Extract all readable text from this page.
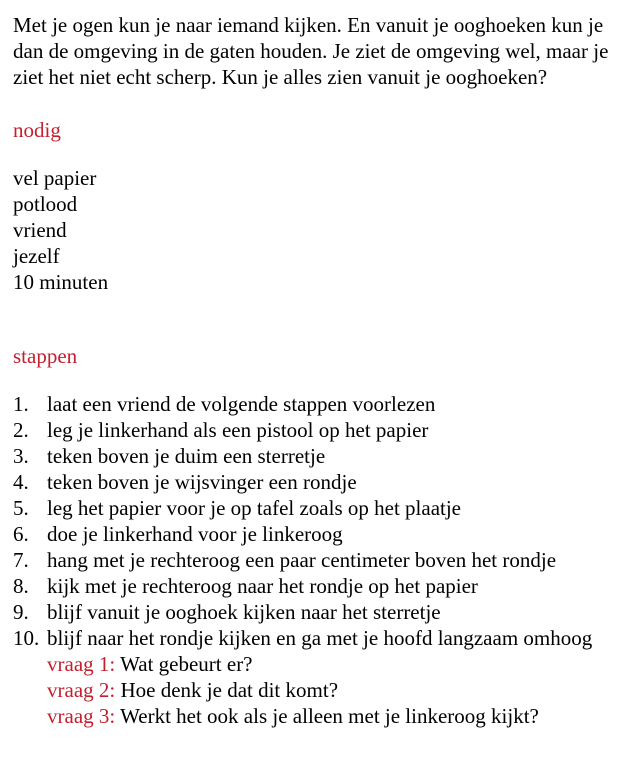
Met je ogen kun je naar iemand kijken. En vanuit je ooghoeken kun je dan de omgeving in de gaten houden. Je ziet de omgeving wel, maar je ziet het niet echt scherp. Kun je alles zien vanuit je ooghoeken?

nodig

vel papier
potlood
vriend
jezelf
10 minuten

stappen

1. laat een vriend de volgende stappen voorlezen
2. leg je linkerhand als een pistool op het papier
3. teken boven je duim een sterretje
4. teken boven je wijsvinger een rondje
5. leg het papier voor je op tafel zoals op het plaatje
6. doe je linkerhand voor je linkeroog
7. hang met je rechteroog een paar centimeter boven het rondje
8. kijk met je rechteroog naar het rondje op het papier
9. blijf vanuit je ooghoek kijken naar het sterretje
10. blijf naar het rondje kijken en ga met je hoofd langzaam omhoog
vraag 1: Wat gebeurt er?
vraag 2: Hoe denk je dat dit komt?
vraag 3: Werkt het ook als je alleen met je linkeroog kijkt?
